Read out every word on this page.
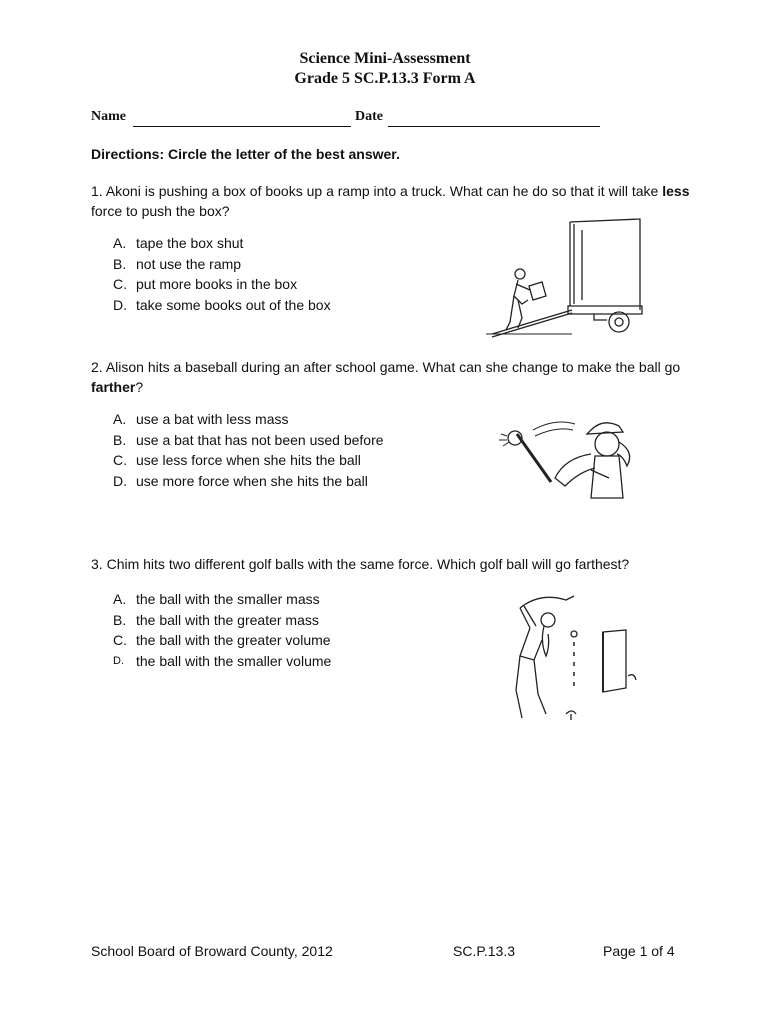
Science Mini-Assessment
Grade 5 SC.P.13.3 Form A
Name	Date
Directions: Circle the letter of the best answer.
1. Akoni is pushing a box of books up a ramp into a truck. What can he do so that it will take less force to push the box?
A. tape the box shut
B. not use the ramp
C. put more books in the box
D. take some books out of the box
2. Alison hits a baseball during an after school game. What can she change to make the ball go farther?
A. use a bat with less mass
B. use a bat that has not been used before
C. use less force when she hits the ball
D. use more force when she hits the ball
3. Chim hits two different golf balls with the same force. Which golf ball will go farthest?
A. the ball with the smaller mass
B. the ball with the greater mass
C. the ball with the greater volume
D. the ball with the smaller volume
School Board of Broward County, 2012	SC.P.13.3	Page 1 of 4
